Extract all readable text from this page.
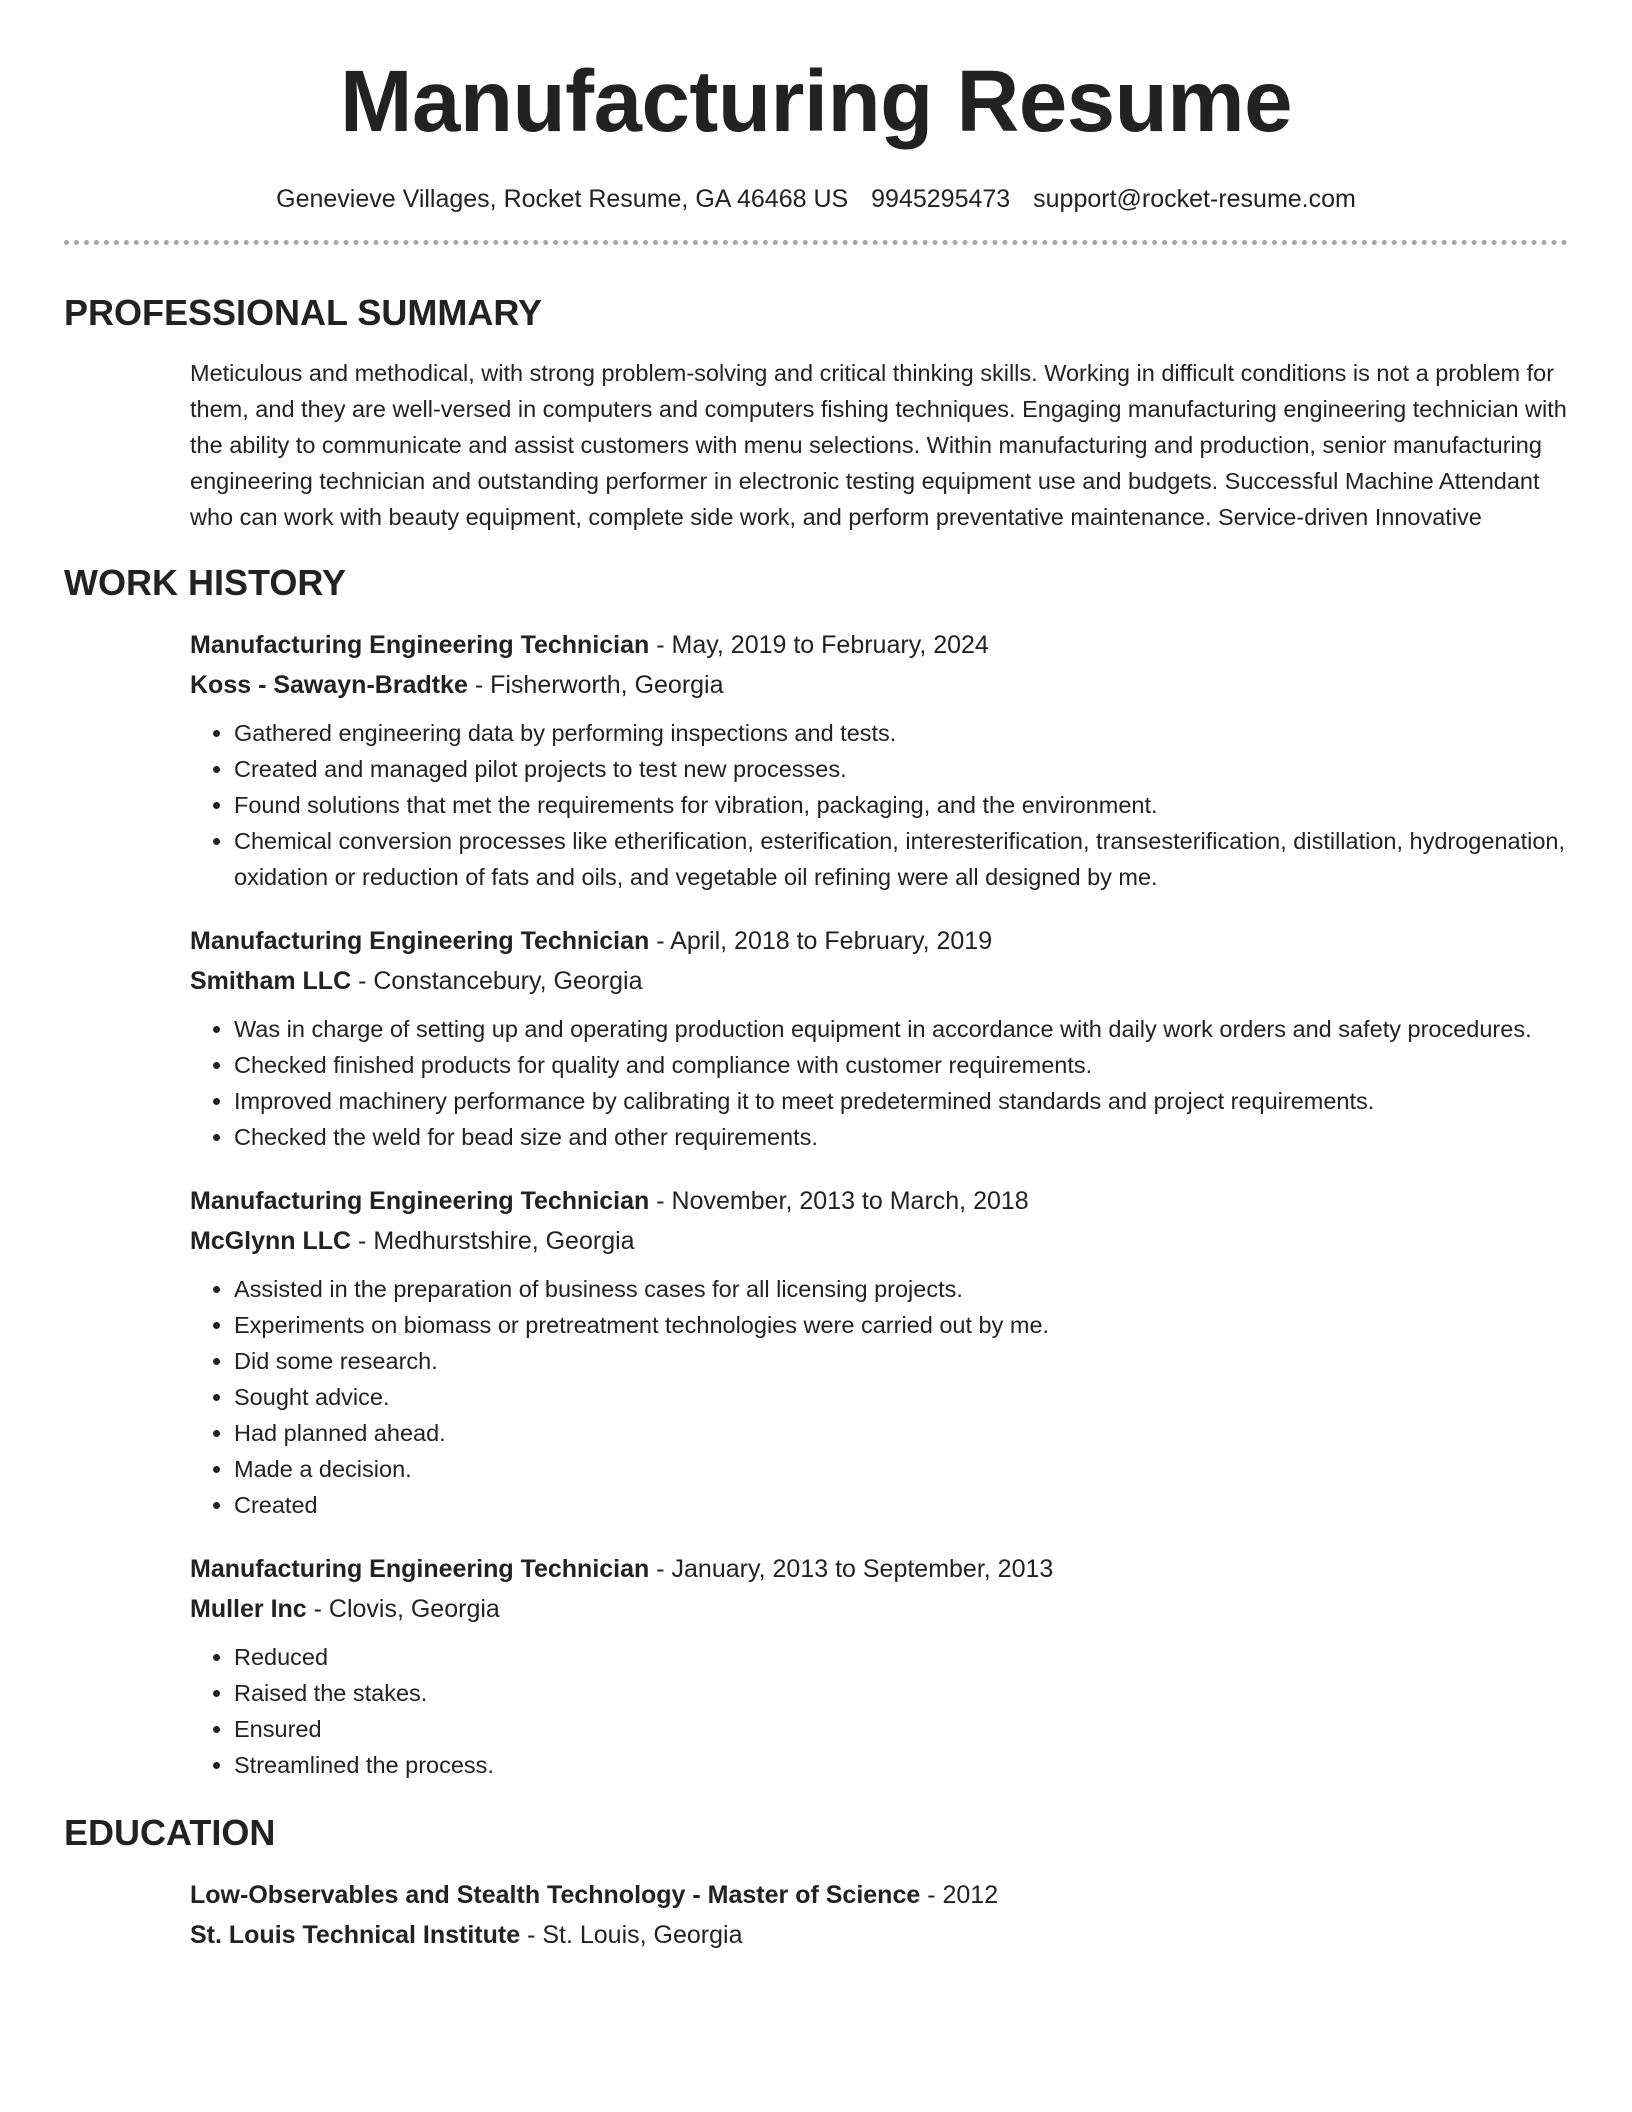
Manufacturing Resume
Genevieve Villages, Rocket Resume, GA 46468 US 9945295473 support@rocket-resume.com
PROFESSIONAL SUMMARY

Meticulous and methodical, with strong problem-solving and critical thinking skills. Working in difficult conditions is not a problem for them, and they are well-versed in computers and computers fishing techniques. Engaging manufacturing engineering technician with the ability to communicate and assist customers with menu selections. Within manufacturing and production, senior manufacturing engineering technician and outstanding performer in electronic testing equipment use and budgets. Successful Machine Attendant who can work with beauty equipment, complete side work, and perform preventative maintenance. Service-driven Innovative

WORK HISTORY
Manufacturing Engineering Technician - May, 2019 to February, 2024
Koss - Sawayn-Bradtke - Fisherworth, Georgia
• Gathered engineering data by performing inspections and tests.
• Created and managed pilot projects to test new processes.
• Found solutions that met the requirements for vibration, packaging, and the environment.
• Chemical conversion processes like etherification, esterification, interesterification, transesterification, distillation, hydrogenation, oxidation or reduction of fats and oils, and vegetable oil refining were all designed by me.
Manufacturing Engineering Technician - April, 2018 to February, 2019
Smitham LLC - Constancebury, Georgia
• Was in charge of setting up and operating production equipment in accordance with daily work orders and safety procedures.
• Checked finished products for quality and compliance with customer requirements.
• Improved machinery performance by calibrating it to meet predetermined standards and project requirements.
• Checked the weld for bead size and other requirements.
Manufacturing Engineering Technician - November, 2013 to March, 2018
McGlynn LLC - Medhurstshire, Georgia
• Assisted in the preparation of business cases for all licensing projects.
• Experiments on biomass or pretreatment technologies were carried out by me.
• Did some research.
• Sought advice.
• Had planned ahead.
• Made a decision.
• Created
Manufacturing Engineering Technician - January, 2013 to September, 2013
Muller Inc - Clovis, Georgia
• Reduced
• Raised the stakes.
• Ensured
• Streamlined the process.
EDUCATION
Low-Observables and Stealth Technology - Master of Science - 2012
St. Louis Technical Institute - St. Louis, Georgia
